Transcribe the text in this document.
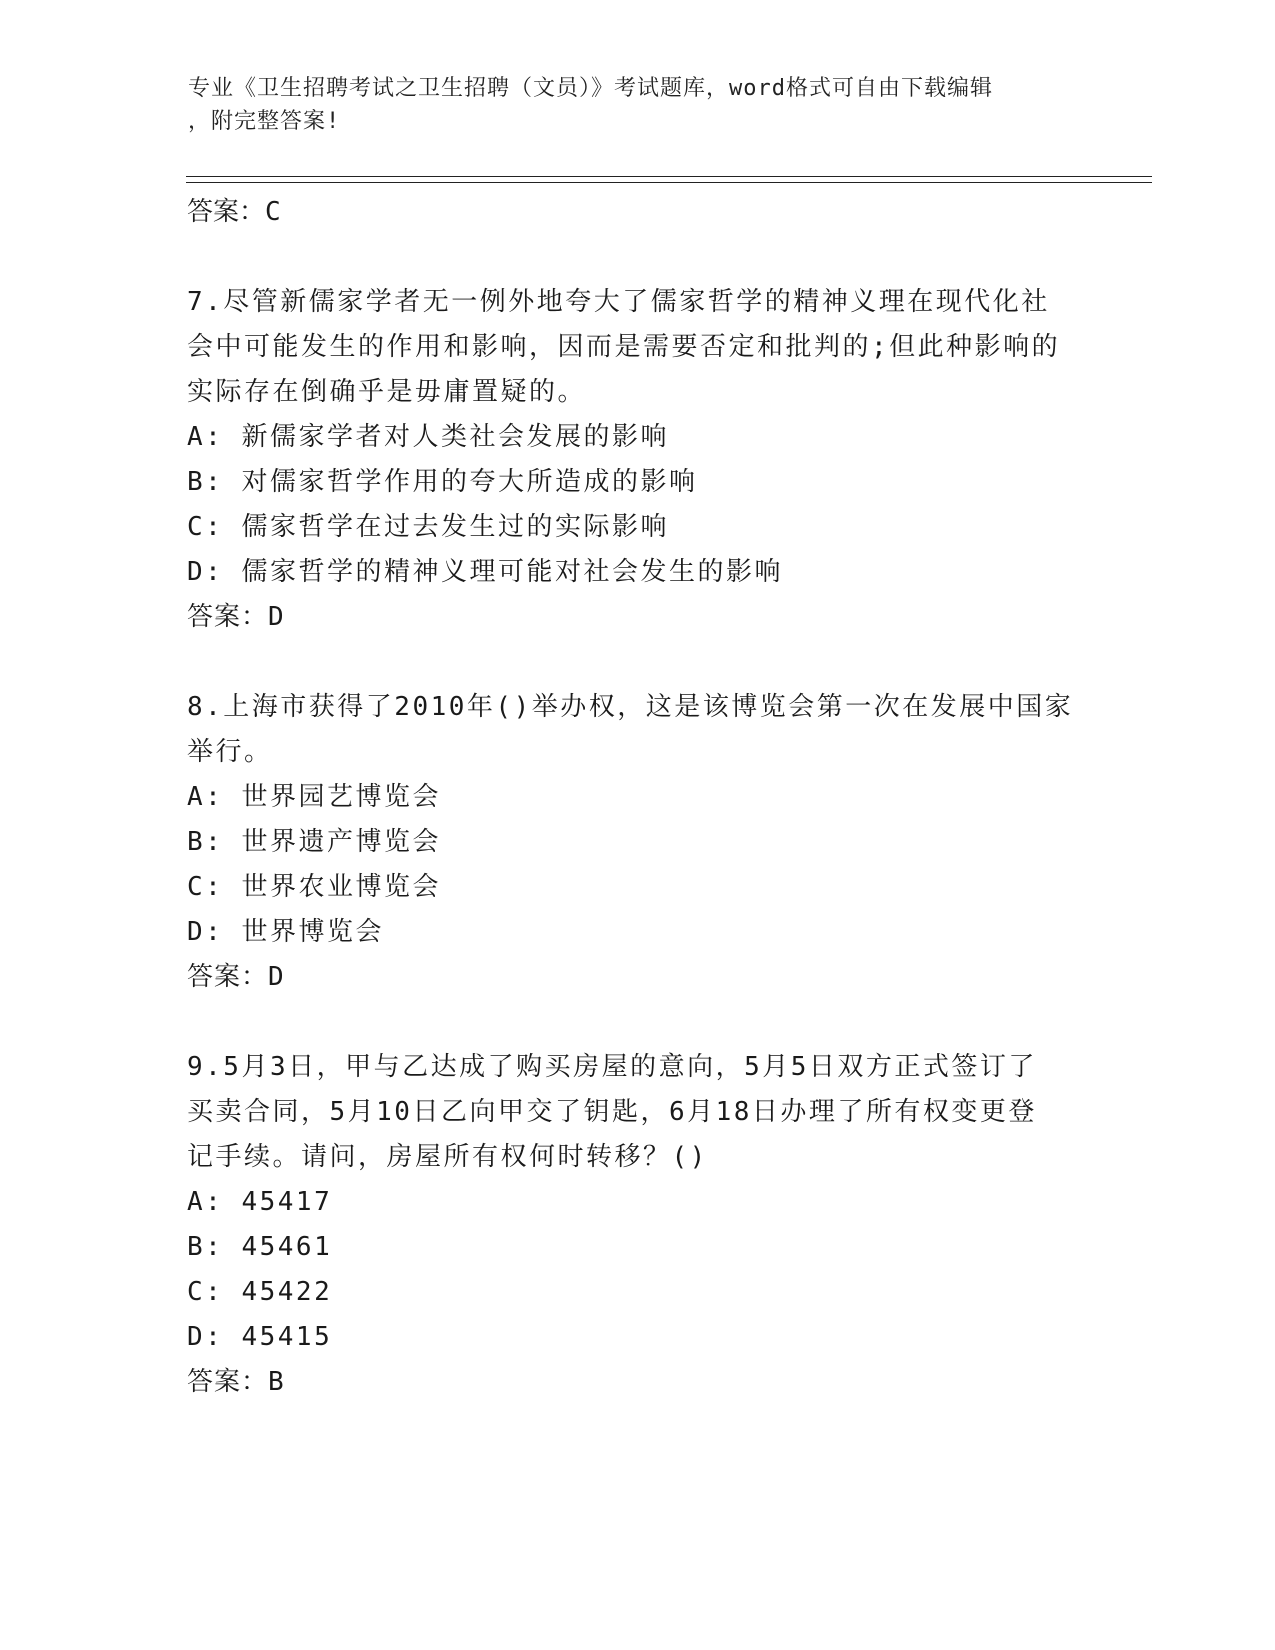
专业《卫生招聘考试之卫生招聘（文员）》考试题库，word格式可自由下载编辑
，附完整答案!
答案：C

7.尽管新儒家学者无一例外地夸大了儒家哲学的精神义理在现代化社

会中可能发生的作用和影响，因而是需要否定和批判的;但此种影响的

实际存在倒确乎是毋庸置疑的。

A: 新儒家学者对人类社会发展的影响

B: 对儒家哲学作用的夸大所造成的影响

C: 儒家哲学在过去发生过的实际影响

D: 儒家哲学的精神义理可能对社会发生的影响

答案：D

8.上海市获得了2010年()举办权，这是该博览会第一次在发展中国家

举行。

A: 世界园艺博览会

B: 世界遗产博览会

C: 世界农业博览会

D: 世界博览会

答案：D

9.5月3日，甲与乙达成了购买房屋的意向，5月5日双方正式签订了

买卖合同，5月10日乙向甲交了钥匙，6月18日办理了所有权变更登

记手续。请问，房屋所有权何时转移？()

A: 45417

B: 45461

C: 45422

D: 45415

答案：B
